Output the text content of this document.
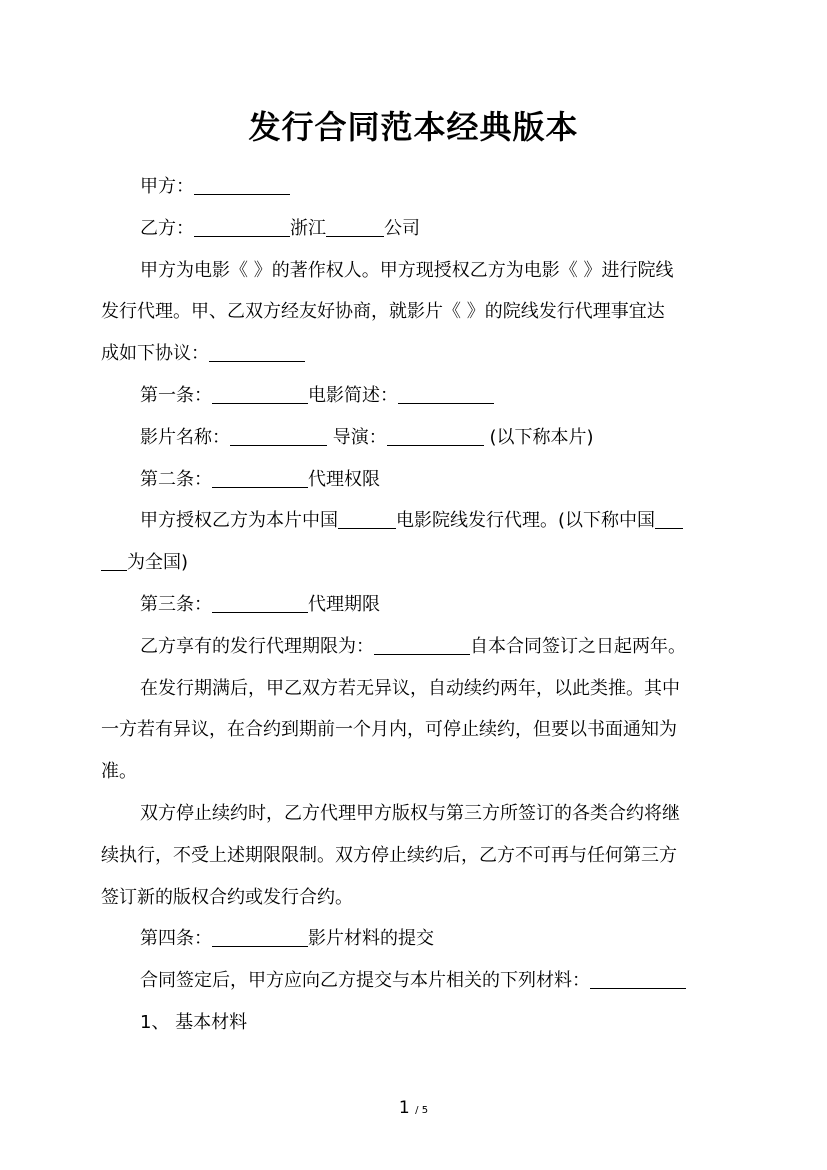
发行合同范本经典版本

甲方：

乙方：	浙江	公司

甲方为电影《 》的著作权人。甲方现授权乙方为电影《 》进行院线

发行代理。甲、乙双方经友好协商，就影片《 》的院线发行代理事宜达

成如下协议：

第一条：	电影简述：

影片名称：	导演：	(以下称本片)

第二条：	代理权限

甲方授权乙方为本片中国	电影院线发行代理。(以下称中国

为全国)

第三条：	代理期限

乙方享有的发行代理期限为：	自本合同签订之日起两年。

在发行期满后，甲乙双方若无异议，自动续约两年，以此类推。其中

一方若有异议，在合约到期前一个月内，可停止续约，但要以书面通知为

准。

双方停止续约时，乙方代理甲方版权与第三方所签订的各类合约将继

续执行，不受上述期限限制。双方停止续约后，乙方不可再与任何第三方

签订新的版权合约或发行合约。

第四条：	影片材料的提交

合同签定后，甲方应向乙方提交与本片相关的下列材料：

1、 基本材料

1 / 5
